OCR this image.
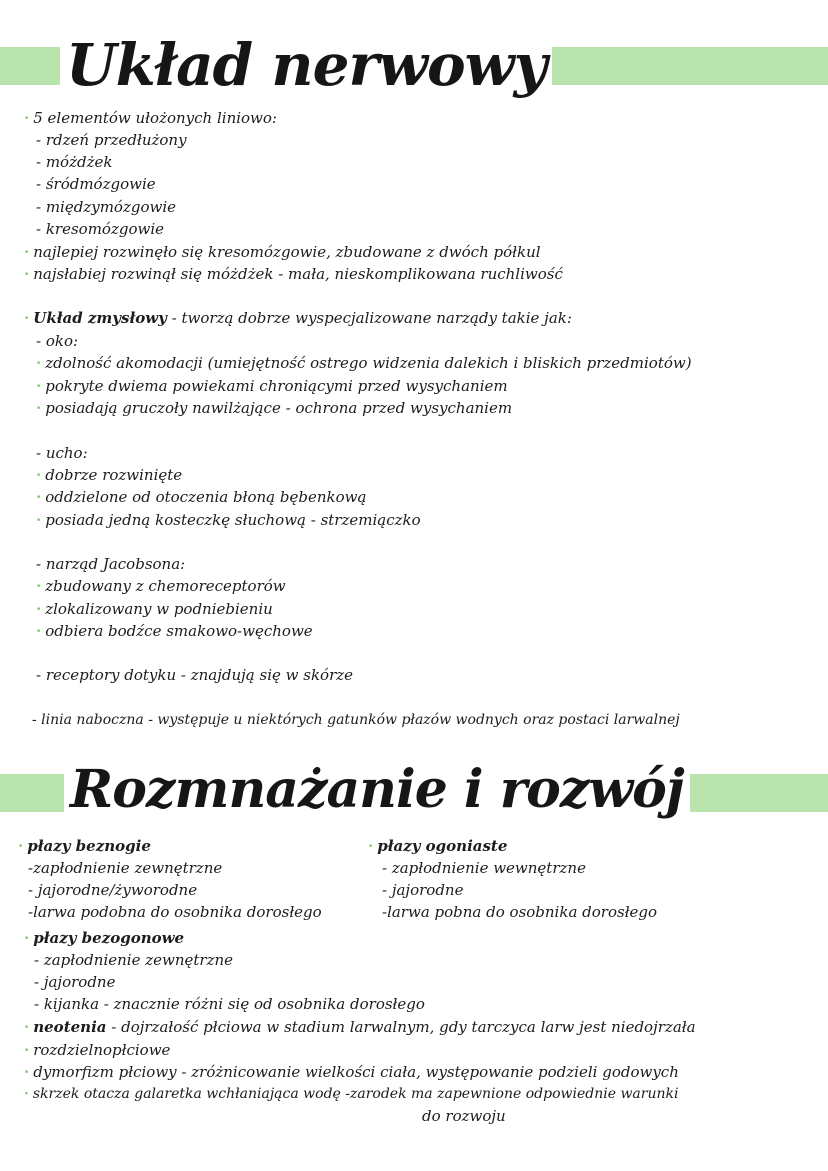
Układ nerwowy

· 5 elementów ułożonych liniowo:

- rdzeń przedłużony

- móżdżek

- śródmózgowie

- międzymózgowie

- kresomózgowie

· najlepiej rozwinęło się kresomózgowie, zbudowane z dwóch półkul

· najsłabiej rozwinął się móżdżek - mała, nieskomplikowana ruchliwość

· Układ zmysłowy - tworzą dobrze wyspecjalizowane narządy takie jak:

- oko:

· zdolność akomodacji (umiejętność ostrego widzenia dalekich i bliskich przedmiotów)

· pokryte dwiema powiekami chroniącymi przed wysychaniem

· posiadają gruczoły nawilżające - ochrona przed wysychaniem

- ucho:

· dobrze rozwinięte

· oddzielone od otoczenia błoną bębenkową

· posiada jedną kosteczkę słuchową - strzemiączko

- narząd Jacobsona:

· zbudowany z chemoreceptorów

· zlokalizowany w podniebieniu

· odbiera bodźce smakowo-węchowe

- receptory dotyku - znajdują się w skórze

- linia naboczna - występuje u niektórych gatunków płazów wodnych oraz postaci larwalnej

Rozmnażanie i rozwój

· płazy beznogie

-zapłodnienie zewnętrzne

- jajorodne/żyworodne

-larwa podobna do osobnika dorosłego

· płazy ogoniaste

- zapłodnienie wewnętrzne

- jajorodne

-larwa pobna do osobnika dorosłego

· płazy bezogonowe

- zapłodnienie zewnętrzne

- jajorodne

- kijanka - znacznie różni się od osobnika dorosłego

· neotenia - dojrzałość płciowa w stadium larwalnym, gdy tarczyca larw jest niedojrzała

· rozdzielnopłciowe

· dymorfizm płciowy - zróżnicowanie wielkości ciała, występowanie podzieli godowych

· skrzek otacza galaretka wchłaniająca wodę -zarodek ma zapewnione odpowiednie warunki

do rozwoju
